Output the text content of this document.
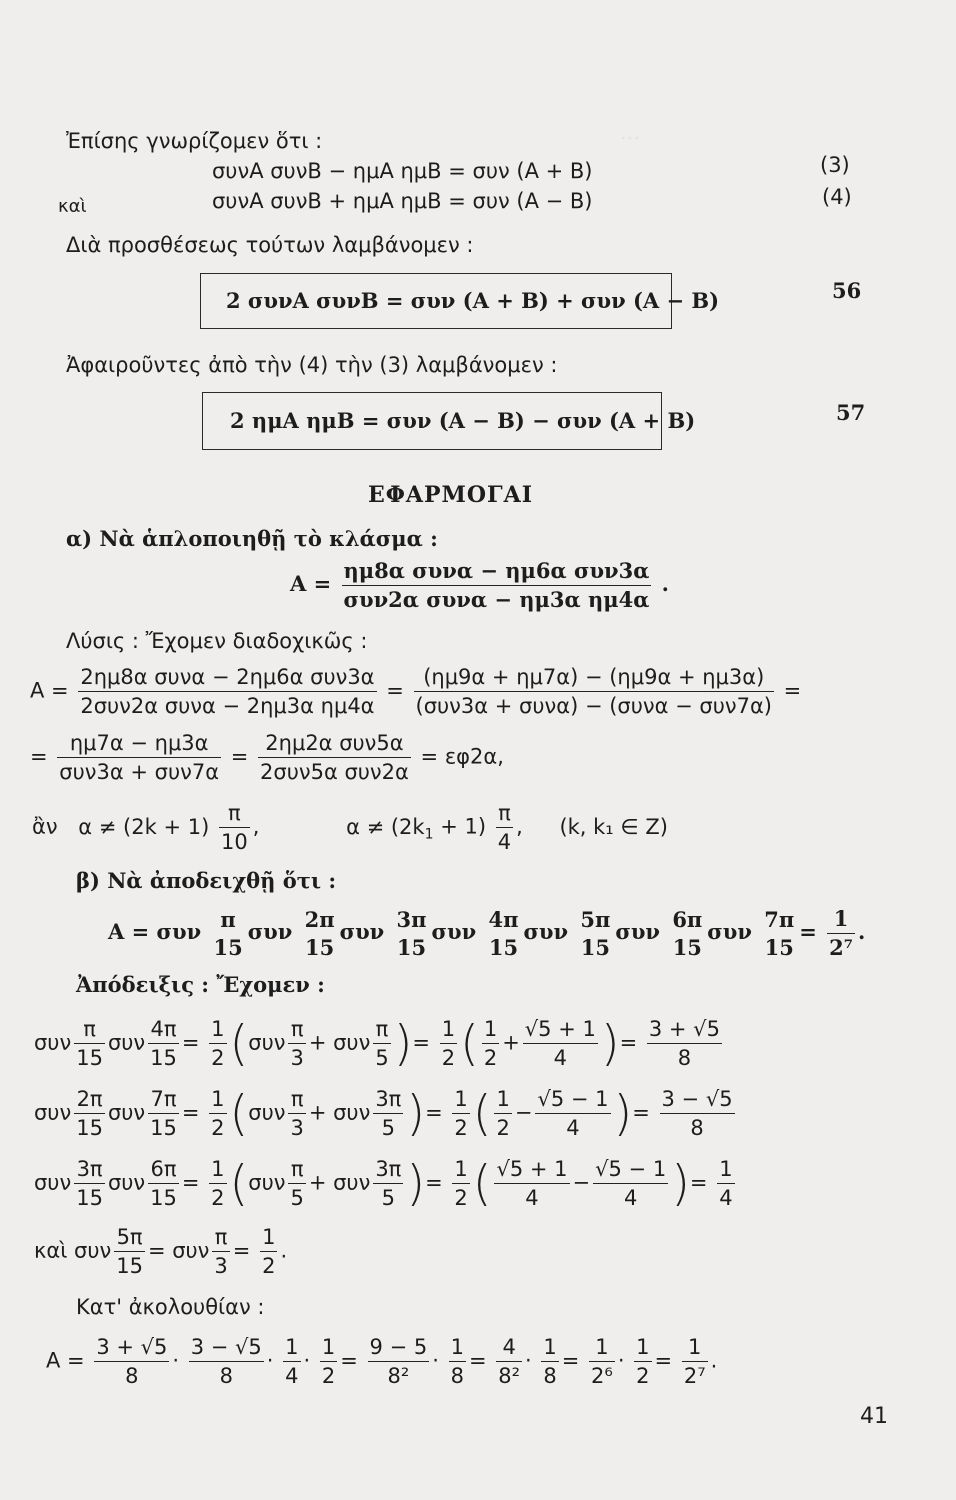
…
Ἐπίσης γνωρίζομεν ὅτι :
συνΑ συνΒ − ημΑ ημΒ = συν (Α + Β)	(3)
καὶ	συνΑ συνΒ + ημΑ ημΒ = συν (Α − Β)	(4)
Διὰ προσθέσεως τούτων λαμβάνομεν :
2 συνΑ συνΒ = συν (Α + Β) + συν (Α − Β)	56
Ἀφαιροῦντες ἀπὸ τὴν (4) τὴν (3) λαμβάνομεν :
2 ημΑ ημΒ = συν (Α − Β) − συν (Α + Β)	57
ΕΦΑΡΜΟΓΑΙ
α) Νὰ ἁπλοποιηθῇ τὸ κλάσμα :
$A = \frac{\text{ημ8α συνα − ημ6α συν3α}}{\text{συν2α συνα − ημ3α ημ4α}}$ .
Λύσις : Ἔχομεν διαδοχικῶς :
$A = \frac{\text{2ημ8α συνα − 2ημ6α συν3α}}{\text{2συν2α συνα − 2ημ3α ημ4α}} = \frac{(\eta\mu 9\alpha + \eta\mu 7\alpha) - (\eta\mu 9\alpha + \eta\mu 3\alpha)}{\text{(συν3α + συνα) − (συνα − συν7α)}}$ =
= $\frac{\eta\mu 7\alpha - \eta\mu 3\alpha}{\text{συν3α + συν7α}} = \frac{\text{2ημ2α συν5α}}{\text{2συν5α συν2α}} = \varepsilon\varphi 2\alpha$,
ἂν $\alpha \ne (2k + 1) \frac{\pi}{10}$ ,	$\alpha \ne (2k_1 + 1) \frac{\pi}{4}$ , (k, k₁ ∈ Ζ)
β) Νὰ ἀποδειχθῇ ὅτι :
Α = συν π
15
συν 2π
15
συν 3π
15
συν 4π
15
συν 5π
15
συν 6π
15
συν 7π
15
= $\frac{1}{\text{2⁷}}$ .
Ἀπόδειξις : Ἔχομεν :
συν $\frac{\pi}{15}$ συν $\frac{4\pi}{15} = \frac{1}{2} (\sigma\upsilon\nu \frac{\pi}{3} + \sigma\upsilon\nu \frac{\pi}{5}$ )= $\frac{1}{2}$ ( $\frac{1}{2} + \frac{√5 + 1}{4}$ )= $\frac{3 + √5}{8}$
συν $\frac{2\pi}{15}$ συν $\frac{7\pi}{15} = \frac{1}{2} (\sigma\upsilon\nu \frac{\pi}{3} + \sigma\upsilon\nu \frac{3\pi}{5}$ )= $\frac{1}{2}$ ( $\frac{1}{2} - \frac{√5 - 1}{4}$ )= $\frac{3 - √5}{8}$
συν $\frac{3\pi}{15}$ συν $\frac{6\pi}{15} = \frac{1}{2} (\sigma\upsilon\nu \frac{\pi}{5} + \sigma\upsilon\nu \frac{3\pi}{5}$ )= $\frac{1}{2}$ ( $\frac{√5 + 1}{4} - \frac{√5 - 1}{4}$ )= $\frac{1}{4}$
καὶ συν $\frac{5\pi}{15} = \sigma\upsilon\nu \frac{\pi}{3} = \frac{1}{2}$ .
Κατ' ἀκολουθίαν :
$A = \frac{3 + √5}{8} \cdot \frac{3 - √5}{8} \cdot \frac{1}{4} \cdot \frac{1}{2} = \frac{9 - 5}{\text{8²}} \cdot \frac{1}{8} = \frac{4}{\text{8²}} \cdot \frac{1}{8} = \frac{1}{\text{2⁶}} \cdot \frac{1}{2} = \frac{1}{\text{2⁷}}$ .
41
